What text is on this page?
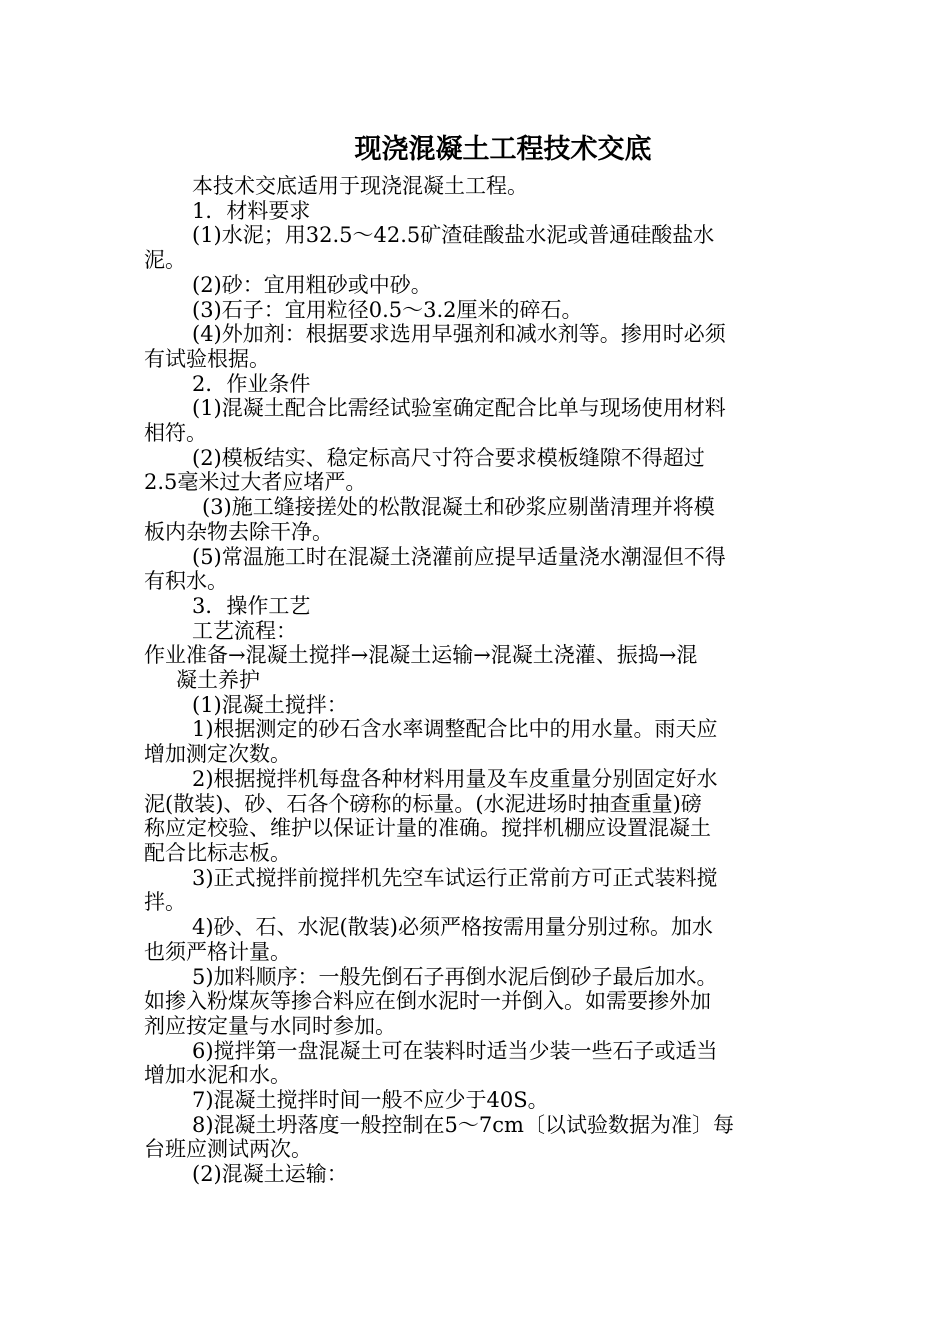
现浇混凝土工程技术交底

本技术交底适用于现浇混凝土工程。

1．材料要求

(1)水泥；用32.5～42.5矿渣硅酸盐水泥或普通硅酸盐水

泥。

(2)砂：宜用粗砂或中砂。

(3)石子：宜用粒径0.5～3.2厘米的碎石。

(4)外加剂：根据要求选用早强剂和减水剂等。掺用时必须

有试验根据。

2．作业条件

(1)混凝土配合比需经试验室确定配合比单与现场使用材料

相符。

(2)模板结实、稳定标高尺寸符合要求模板缝隙不得超过

2.5毫米过大者应堵严。

(3)施工缝接搓处的松散混凝土和砂浆应剔凿清理并将模

板内杂物去除干净。

(5)常温施工时在混凝土浇灌前应提早适量浇水潮湿但不得

有积水。

3．操作工艺

工艺流程：

作业准备→混凝土搅拌→混凝土运输→混凝土浇灌、振捣→混

凝土养护

(1)混凝土搅拌：

1)根据测定的砂石含水率调整配合比中的用水量。雨天应

增加测定次数。

2)根据搅拌机每盘各种材料用量及车皮重量分别固定好水

泥(散装)、砂、石各个磅称的标量。(水泥进场时抽查重量)磅

称应定校验、维护以保证计量的准确。搅拌机棚应设置混凝土

配合比标志板。

3)正式搅拌前搅拌机先空车试运行正常前方可正式装料搅

拌。

4)砂、石、水泥(散装)必须严格按需用量分别过称。加水

也须严格计量。

5)加料顺序：一般先倒石子再倒水泥后倒砂子最后加水。

如掺入粉煤灰等掺合料应在倒水泥时一并倒入。如需要掺外加

剂应按定量与水同时参加。

6)搅拌第一盘混凝土可在装料时适当少装一些石子或适当

增加水泥和水。

7)混凝土搅拌时间一般不应少于40S。

8)混凝土坍落度一般控制在5～7cm〔以试验数据为准〕每

台班应测试两次。

(2)混凝土运输：
